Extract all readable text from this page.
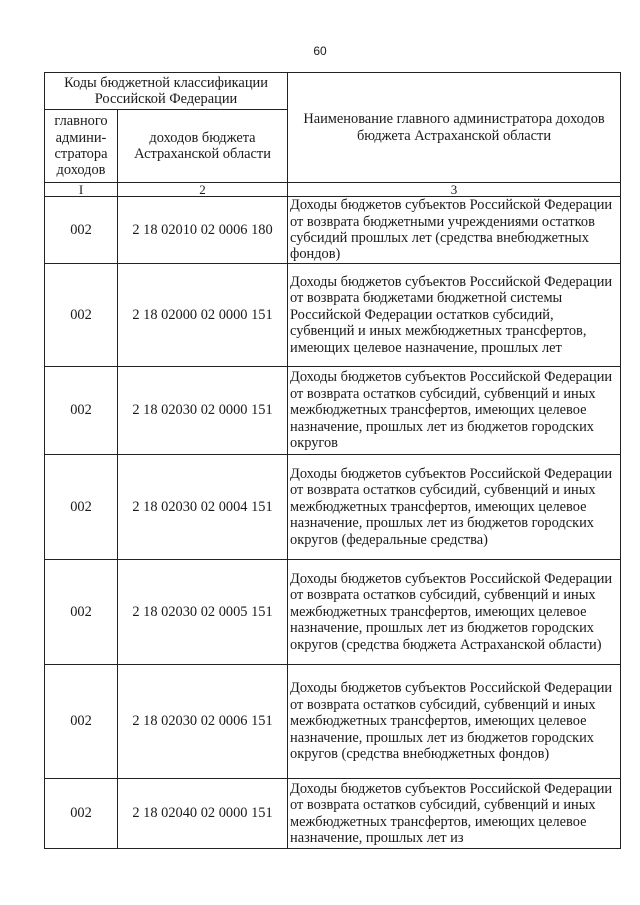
60
Коды бюджетной классификации Российской Федерации		Наименование главного администратора доходов бюджета Астраханской области
главного админи-стратора доходов	доходов бюджета Астраханской области	
I	2	3
002	2 18 02010 02 0006 180	Доходы бюджетов субъектов Российской Федерации от возврата бюджетными учреждениями остатков субсидий прошлых лет (средства внебюджетных фондов)
002	2 18 02000 02 0000 151	Доходы бюджетов субъектов Российской Федерации от возврата бюджетами бюджетной системы Российской Федерации остатков субсидий, субвенций и иных межбюджетных трансфертов, имеющих целевое назначение, прошлых лет
002	2 18 02030 02 0000 151	Доходы бюджетов субъектов Российской Федерации от возврата остатков субсидий, субвенций и иных межбюджетных трансфертов, имеющих целевое назначение, прошлых лет из бюджетов городских округов
002	2 18 02030 02 0004 151	Доходы бюджетов субъектов Российской Федерации от возврата остатков субсидий, субвенций и иных межбюджетных трансфертов, имеющих целевое назначение, прошлых лет из бюджетов городских округов (федеральные средства)
002	2 18 02030 02 0005 151	Доходы бюджетов субъектов Российской Федерации от возврата остатков субсидий, субвенций и иных межбюджетных трансфертов, имеющих целевое назначение, прошлых лет из бюджетов городских округов (средства бюджета Астраханской области)
002	2 18 02030 02 0006 151	Доходы бюджетов субъектов Российской Федерации от возврата остатков субсидий, субвенций и иных межбюджетных трансфертов, имеющих целевое назначение, прошлых лет из бюджетов городских округов (средства внебюджетных фондов)
002	2 18 02040 02 0000 151	Доходы бюджетов субъектов Российской Федерации от возврата остатков субсидий, субвенций и иных межбюджетных трансфертов, имеющих целевое назначение, прошлых лет из
